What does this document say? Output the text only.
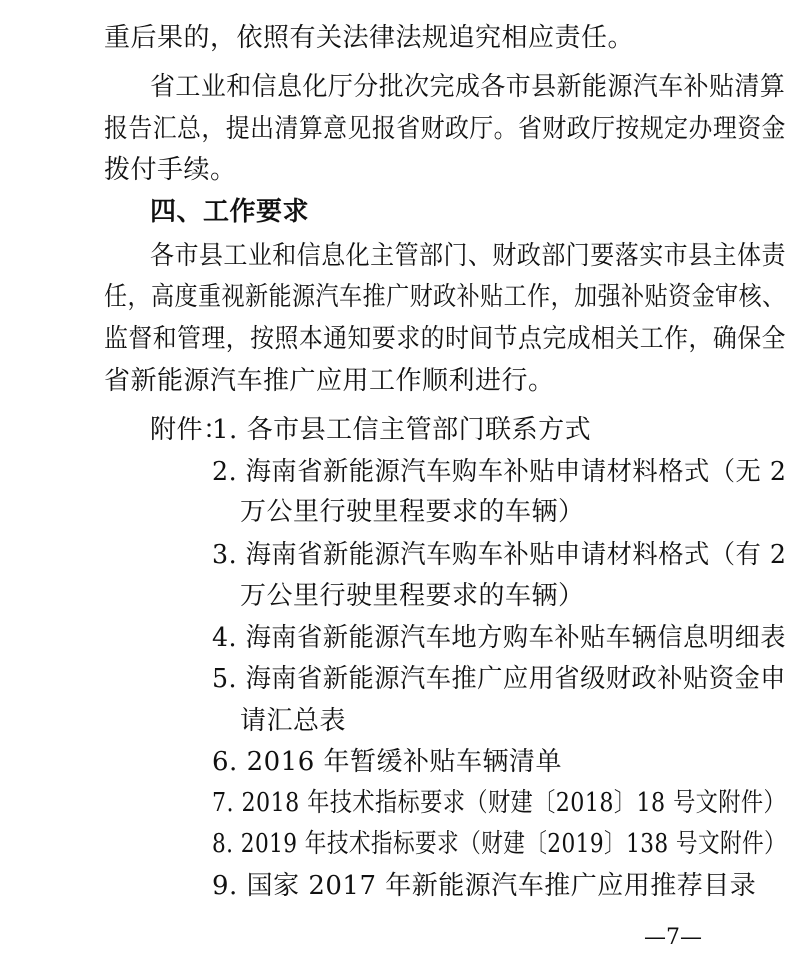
重后果的，依照有关法律法规追究相应责任。
省工业和信息化厅分批次完成各市县新能源汽车补贴清算
报告汇总，提出清算意见报省财政厅。省财政厅按规定办理资金
拨付手续。
四、工作要求
各市县工业和信息化主管部门、财政部门要落实市县主体责
任，高度重视新能源汽车推广财政补贴工作，加强补贴资金审核、
监督和管理，按照本通知要求的时间节点完成相关工作，确保全
省新能源汽车推广应用工作顺利进行。
附件：
1. 各市县工信主管部门联系方式
2. 海南省新能源汽车购车补贴申请材料格式（无 2
万公里行驶里程要求的车辆）
3. 海南省新能源汽车购车补贴申请材料格式（有 2
万公里行驶里程要求的车辆）
4. 海南省新能源汽车地方购车补贴车辆信息明细表
5. 海南省新能源汽车推广应用省级财政补贴资金申
请汇总表
6. 2016 年暂缓补贴车辆清单
7. 2018 年技术指标要求（财建〔2018〕18 号文附件）
8. 2019 年技术指标要求（财建〔2019〕138 号文附件）
9. 国家 2017 年新能源汽车推广应用推荐目录
—7—
